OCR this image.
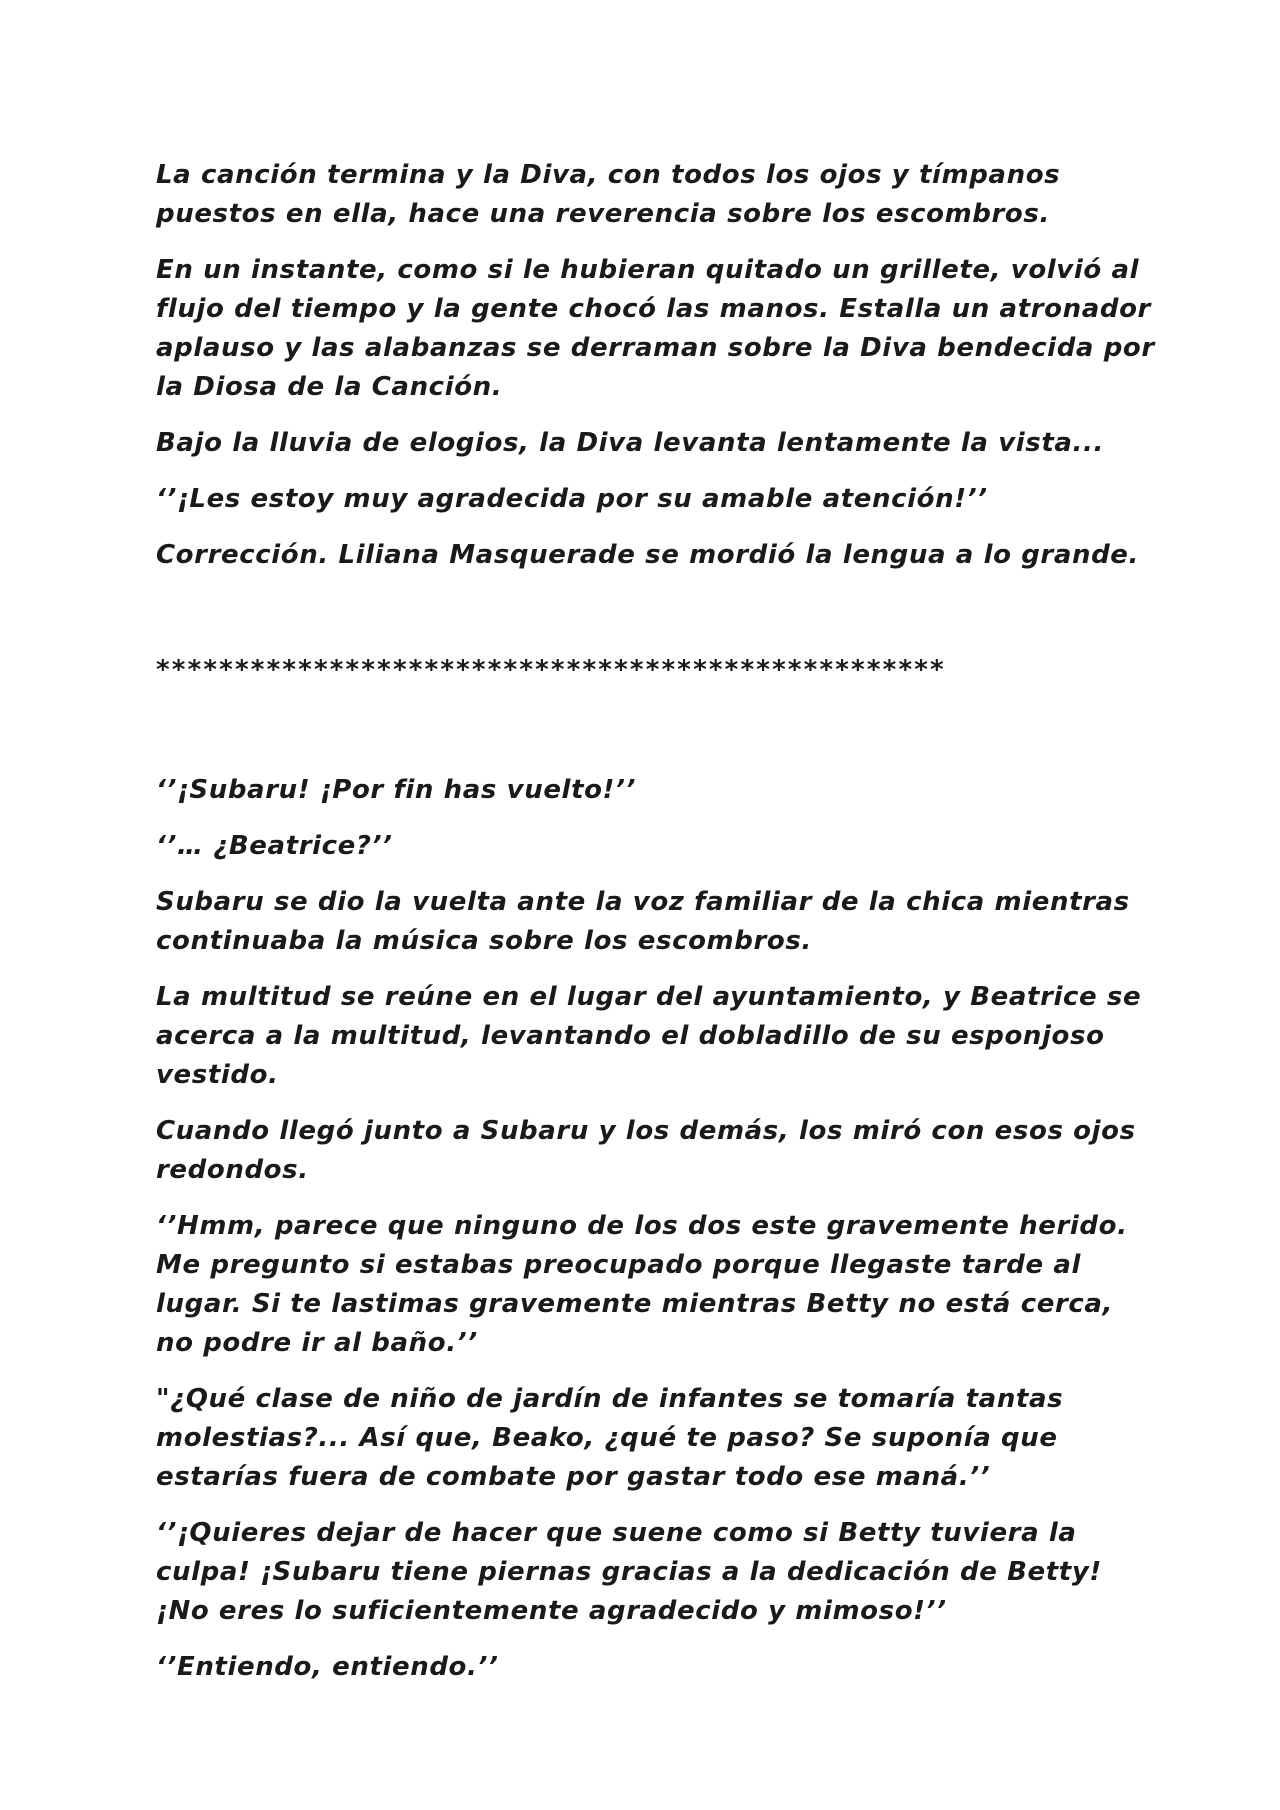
La canción termina y la Diva, con todos los ojos y tímpanos puestos en ella, hace una reverencia sobre los escombros.

En un instante, como si le hubieran quitado un grillete, volvió al flujo del tiempo y la gente chocó las manos. Estalla un atronador aplauso y las alabanzas se derraman sobre la Diva bendecida por la Diosa de la Canción.

Bajo la lluvia de elogios, la Diva levanta lentamente la vista...

‘’¡Les estoy muy agradecida por su amable atención!’’

Corrección. Liliana Masquerade se mordió la lengua a lo grande.

**************************************************

‘’¡Subaru! ¡Por fin has vuelto!’’

‘’… ¿Beatrice?’’

Subaru se dio la vuelta ante la voz familiar de la chica mientras continuaba la música sobre los escombros.

La multitud se reúne en el lugar del ayuntamiento, y Beatrice se acerca a la multitud, levantando el dobladillo de su esponjoso vestido.

Cuando llegó junto a Subaru y los demás, los miró con esos ojos redondos.

‘’Hmm, parece que ninguno de los dos este gravemente herido. Me pregunto si estabas preocupado porque llegaste tarde al lugar. Si te lastimas gravemente mientras Betty no está cerca, no podre ir al baño.’’

"¿Qué clase de niño de jardín de infantes se tomaría tantas molestias?... Así que, Beako, ¿qué te paso? Se suponía que estarías fuera de combate por gastar todo ese maná.’’

‘’¡Quieres dejar de hacer que suene como si Betty tuviera la culpa! ¡Subaru tiene piernas gracias a la dedicación de Betty! ¡No eres lo suficientemente agradecido y mimoso!’’

‘’Entiendo, entiendo.’’
